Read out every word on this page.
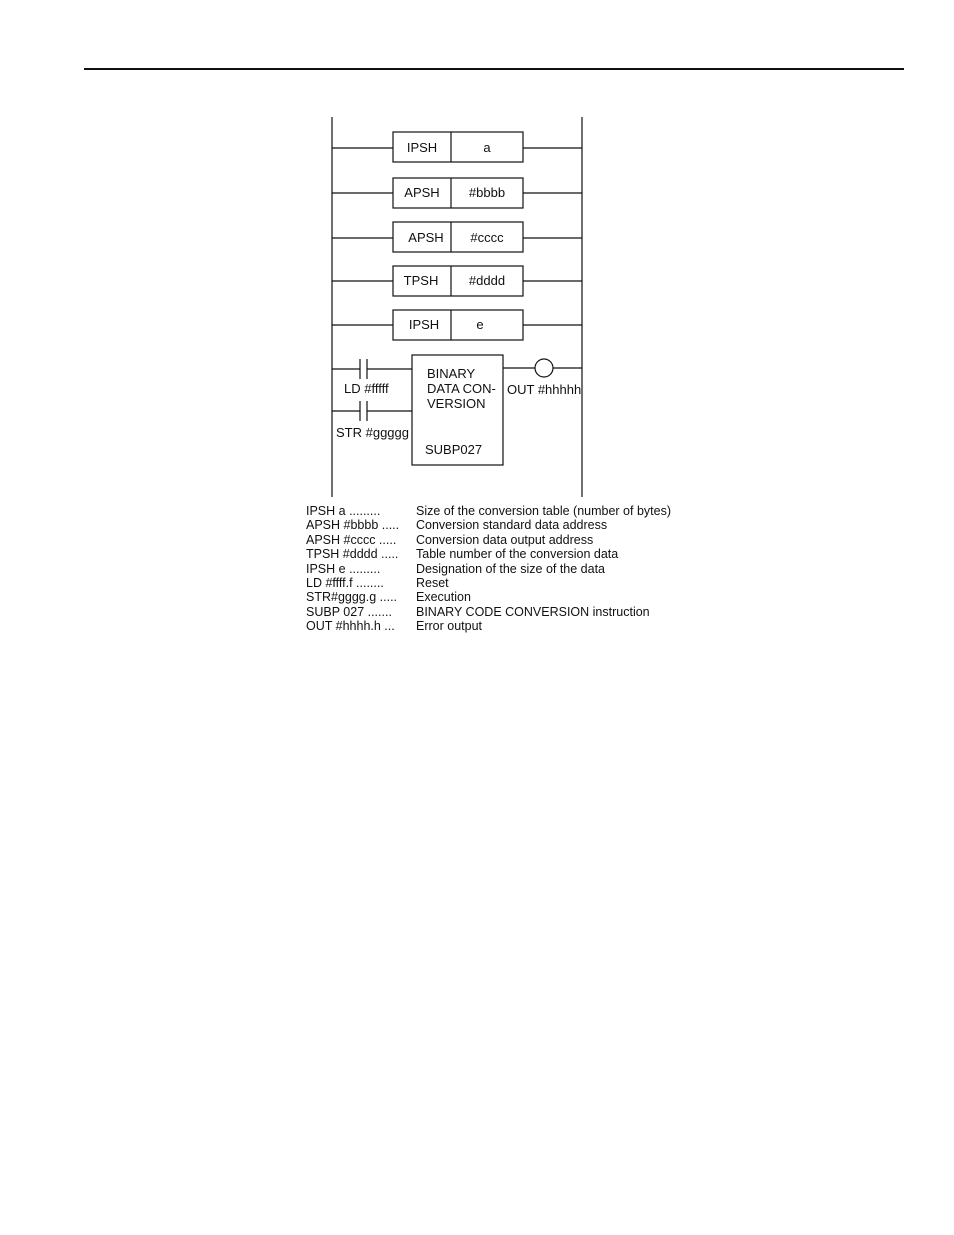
IPSH	a
APSH #bbbb
APSH #cccc
TPSH #dddd
IPSH	e
LD #fffff
STR #ggggg
BINARY
DATA CON-
VERSION
SUBP027
OUT #hhhhh
IPSH a .........	Size of the conversion table (number of bytes)
APSH #bbbb .....	Conversion standard data address
APSH #cccc .....	Conversion data output address
TPSH #dddd .....	Table number of the conversion data
IPSH e .........	Designation of the size of the data
LD #ffff.f ........	Reset
STR#gggg.g .....	Execution
SUBP 027 .......	BINARY CODE CONVERSION instruction
OUT #hhhh.h ...	Error output
